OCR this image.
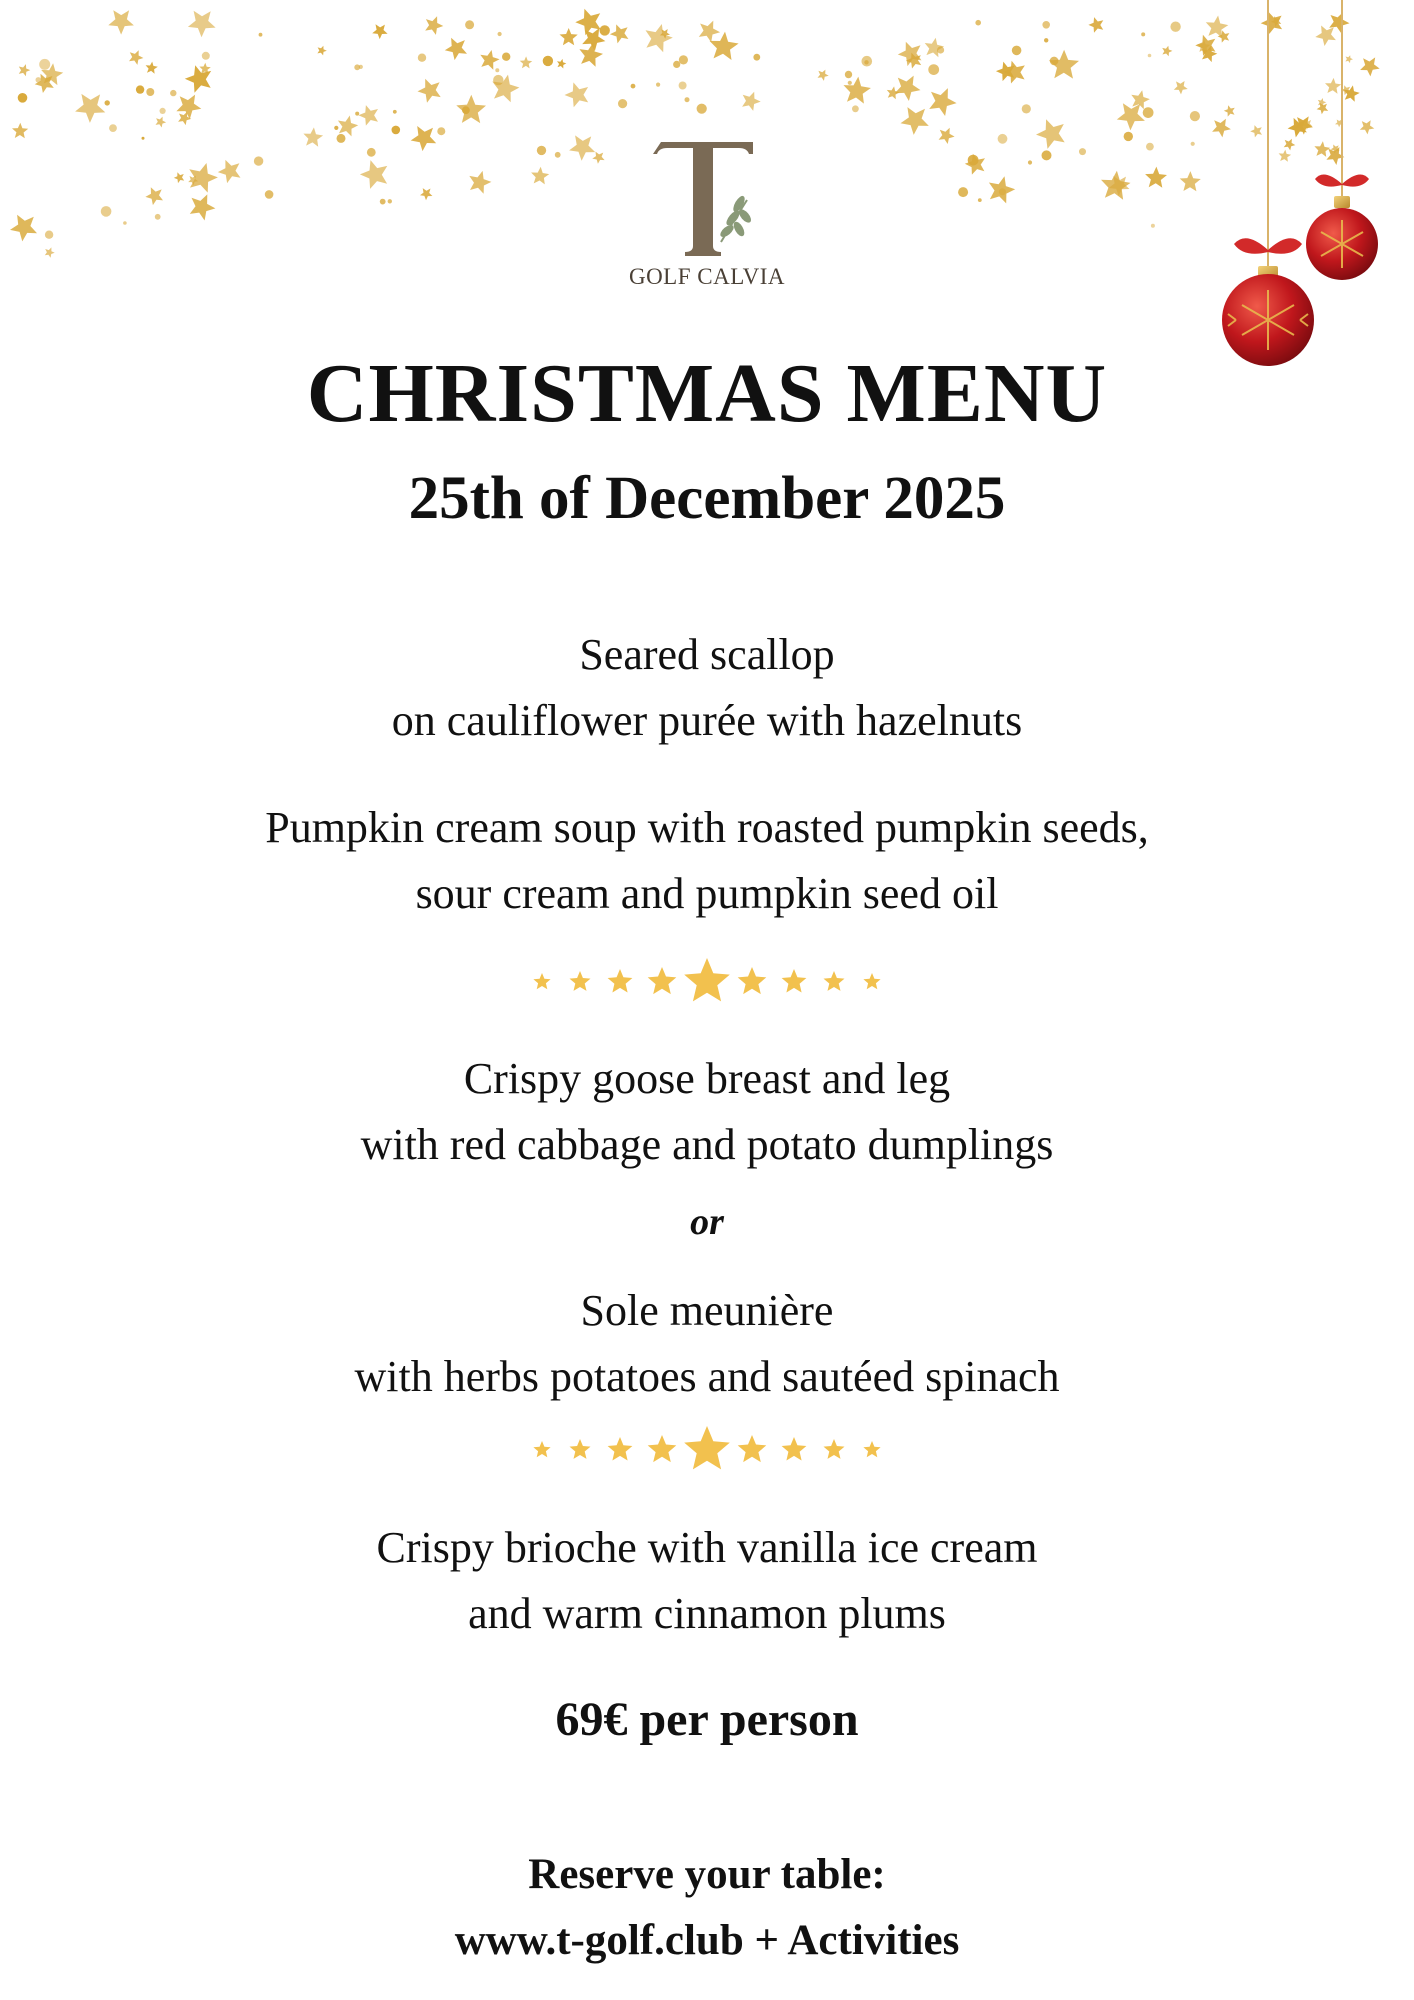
GOLF CALVIA
CHRISTMAS MENU
25th of December 2025
Seared scallop
on cauliflower purée with hazelnuts
Pumpkin cream soup with roasted pumpkin seeds,
sour cream and pumpkin seed oil
Crispy goose breast and leg
with red cabbage and potato dumplings
or
Sole meunière
with herbs potatoes and sautéed spinach
Crispy brioche with vanilla ice cream
and warm cinnamon plums
69€ per person
Reserve your table:
www.t-golf.club + Activities
